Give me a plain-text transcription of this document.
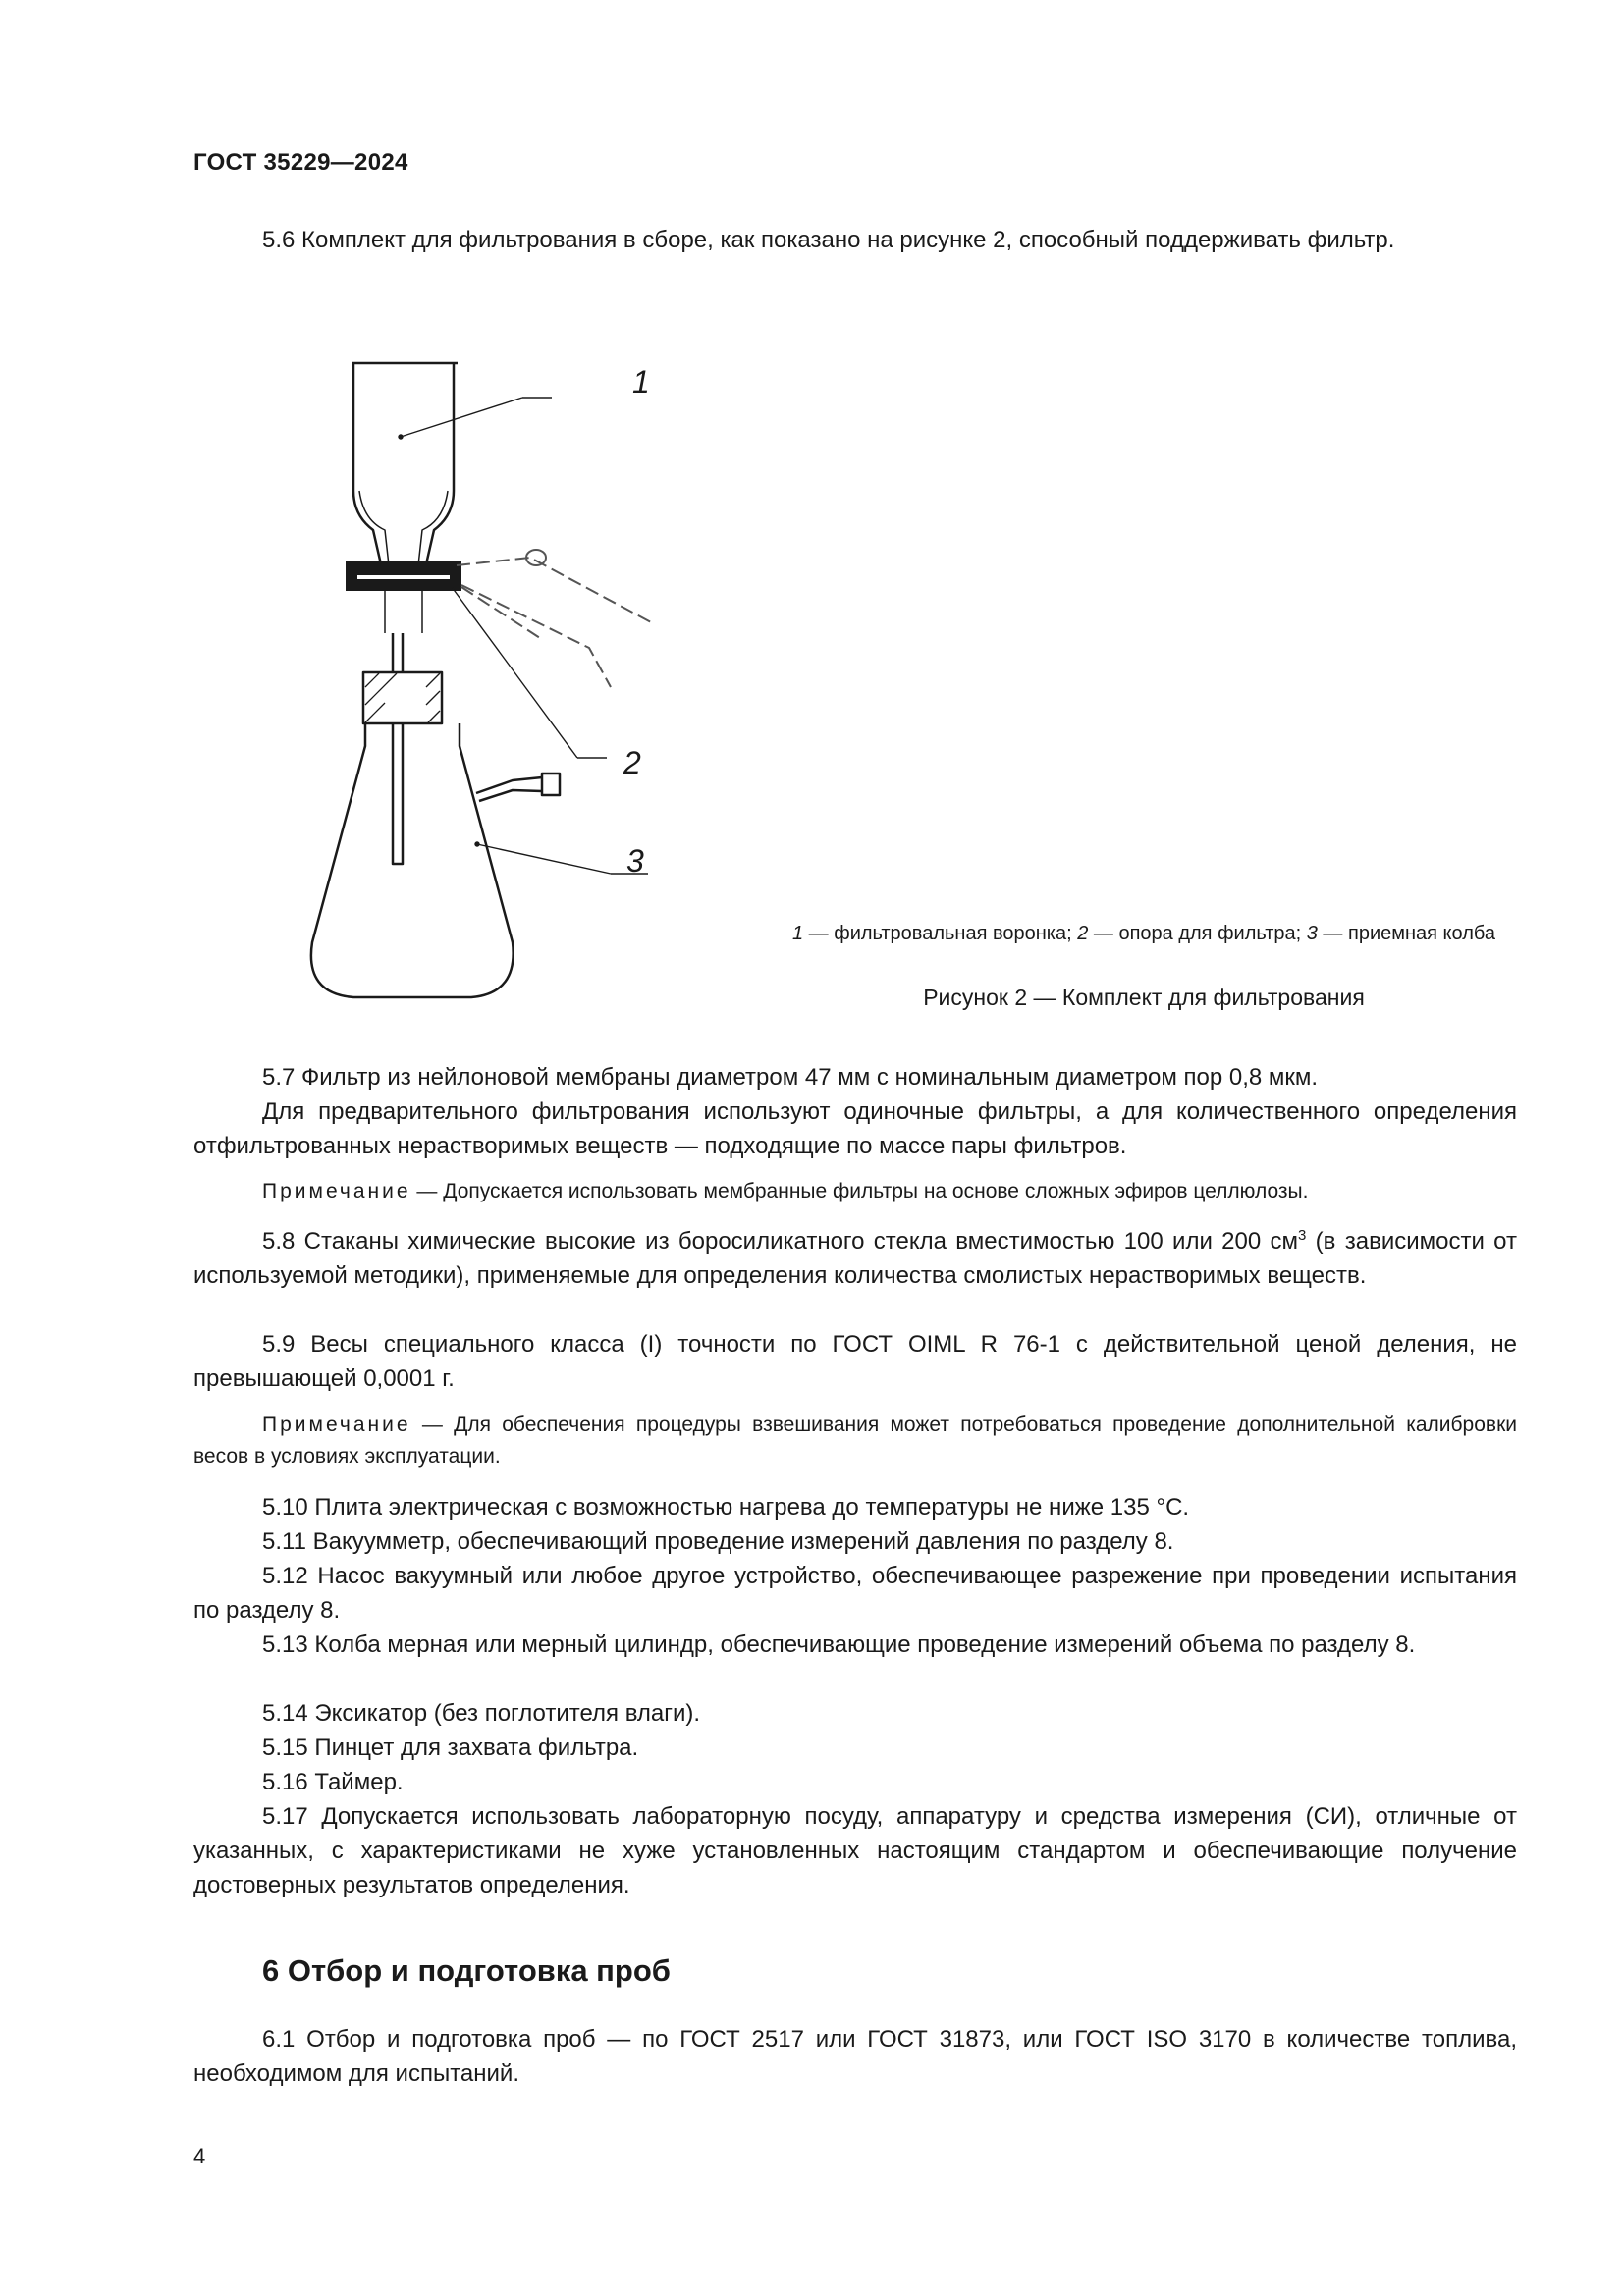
ГОСТ 35229—2024

5.6 Комплект для фильтрования в сборе, как показано на рисунке 2, способный поддерживать фильтр.

1
2
3
1 — фильтровальная воронка; 2 — опора для фильтра; 3 — приемная колба
Рисунок 2 — Комплект для фильтрования

5.7 Фильтр из нейлоновой мембраны диаметром 47 мм с номинальным диаметром пор 0,8 мкм.

Для предварительного фильтрования используют одиночные фильтры, а для количественного определения отфильтрованных нерастворимых веществ — подходящие по массе пары фильтров.

Примечание — Допускается использовать мембранные фильтры на основе сложных эфиров целлюлозы.

5.8 Стаканы химические высокие из боросиликатного стекла вместимостью 100 или 200 $см^3$ (в зависимости от используемой методики), применяемые для определения количества смолистых нерастворимых веществ.

5.9 Весы специального класса (I) точности по ГОСТ OIML R 76-1 с действительной ценой деления, не превышающей 0,0001 г.

Примечание — Для обеспечения процедуры взвешивания может потребоваться проведение дополнительной калибровки весов в условиях эксплуатации.

5.10 Плита электрическая с возможностью нагрева до температуры не ниже 135 °С.

5.11 Вакуумметр, обеспечивающий проведение измерений давления по разделу 8.

5.12 Насос вакуумный или любое другое устройство, обеспечивающее разрежение при проведении испытания по разделу 8.

5.13 Колба мерная или мерный цилиндр, обеспечивающие проведение измерений объема по разделу 8.

5.14 Эксикатор (без поглотителя влаги).

5.15 Пинцет для захвата фильтра.

5.16 Таймер.

5.17 Допускается использовать лабораторную посуду, аппаратуру и средства измерения (СИ), отличные от указанных, с характеристиками не хуже установленных настоящим стандартом и обеспечивающие получение достоверных результатов определения.

6 Отбор и подготовка проб

6.1 Отбор и подготовка проб — по ГОСТ 2517 или ГОСТ 31873, или ГОСТ ISO 3170 в количестве топлива, необходимом для испытаний.

4
